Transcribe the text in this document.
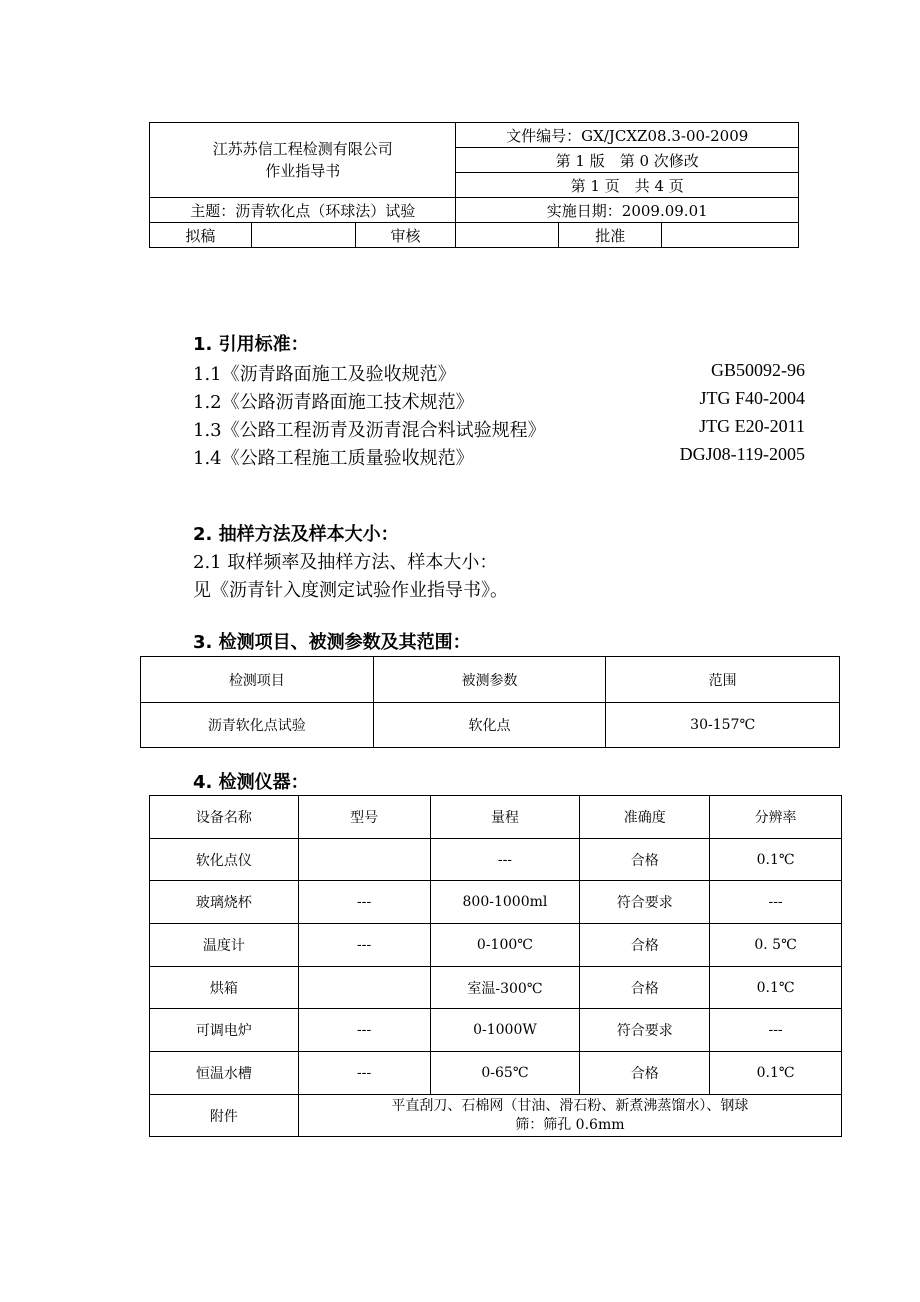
江苏苏信工程检测有限公司
作业指导书			文件编号：GX/JCXZ08.3-00-2009		
			第 1 版　第 0 次修改		
			第 1 页　共 4 页		
主题：沥青软化点（环球法）试验			实施日期：2009.09.01		
拟稿		审核		批准	
1. 引用标准：
1.1《沥青路面施工及验收规范》	GB50092-96
1.2《公路沥青路面施工技术规范》	JTG F40-2004
1.3《公路工程沥青及沥青混合料试验规程》	JTG E20-2011
1.4《公路工程施工质量验收规范》	DGJ08-119-2005
2. 抽样方法及样本大小：
2.1 取样频率及抽样方法、样本大小：
见《沥青针入度测定试验作业指导书》。
3. 检测项目、被测参数及其范围：
检测项目	被测参数	范围
沥青软化点试验	软化点	30-157℃
4. 检测仪器：
设备名称	型号	量程	准确度	分辨率
软化点仪		---	合格	0.1℃
玻璃烧杯	---	800-1000ml	符合要求	---
温度计	---	0-100℃	合格	0. 5℃
烘箱		室温-300℃	合格	0.1℃
可调电炉	---	0-1000W	符合要求	---
恒温水槽	---	0-65℃	合格	0.1℃
附件	平直刮刀、石棉网（甘油、滑石粉、新煮沸蒸馏水）、钢球
筛：筛孔 0.6mm			
